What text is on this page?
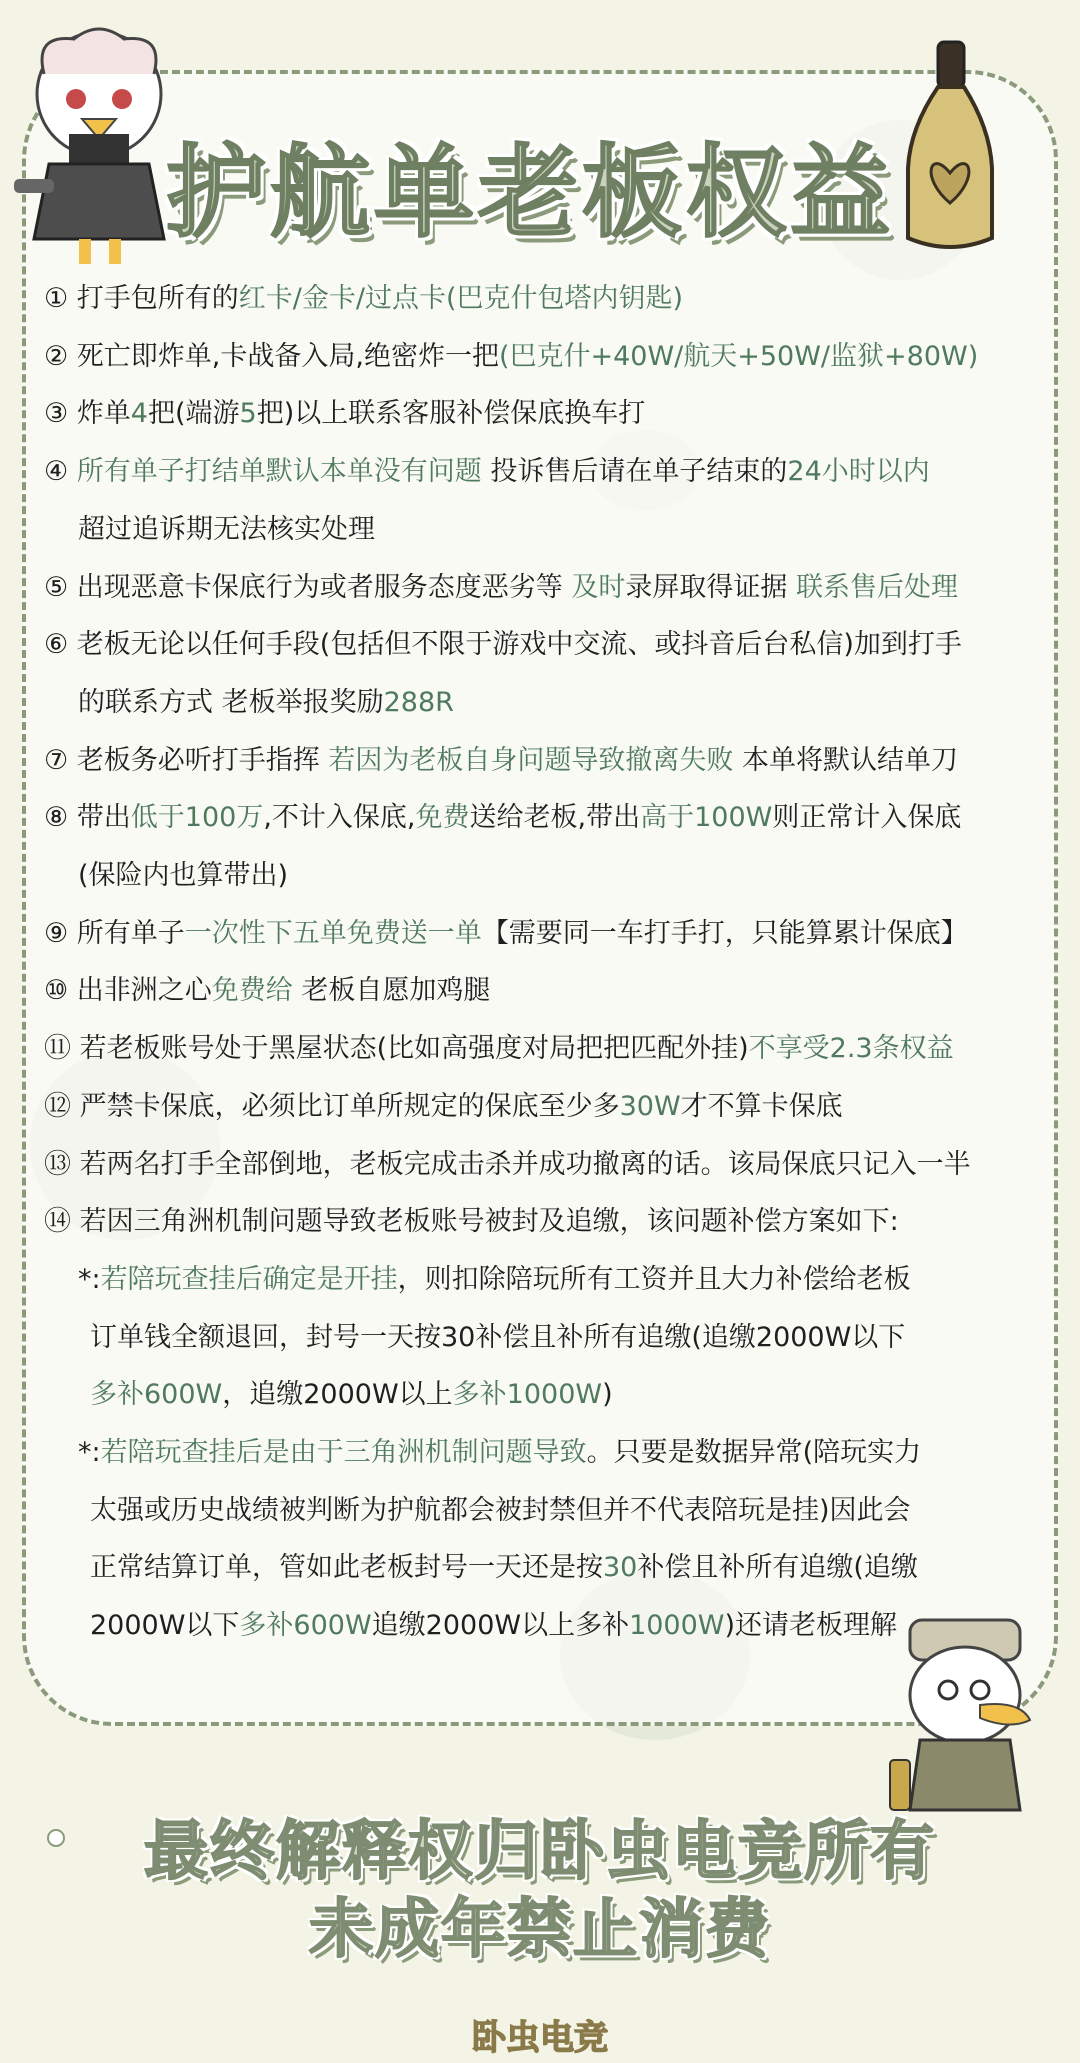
护航单老板权益
① 打手包所有的红卡/金卡/过点卡(巴克什包塔内钥匙)
② 死亡即炸单,卡战备入局,绝密炸一把(巴克什+40W/航天+50W/监狱+80W)
③ 炸单4把(端游5把)以上联系客服补偿保底换车打
④ 所有单子打结单默认本单没有问题 投诉售后请在单子结束的24小时以内
超过追诉期无法核实处理
⑤ 出现恶意卡保底行为或者服务态度恶劣等 及时录屏取得证据 联系售后处理
⑥ 老板无论以任何手段(包括但不限于游戏中交流、或抖音后台私信)加到打手
的联系方式 老板举报奖励288R
⑦ 老板务必听打手指挥 若因为老板自身问题导致撤离失败 本单将默认结单刀
⑧ 带出低于100万,不计入保底,免费送给老板,带出高于100W则正常计入保底
(保险内也算带出)
⑨ 所有单子一次性下五单免费送一单【需要同一车打手打，只能算累计保底】
⑩ 出非洲之心免费给 老板自愿加鸡腿
⑪ 若老板账号处于黑屋状态(比如高强度对局把把匹配外挂)不享受2.3条权益
⑫ 严禁卡保底，必须比订单所规定的保底至少多30W才不算卡保底
⑬ 若两名打手全部倒地，老板完成击杀并成功撤离的话。该局保底只记入一半
⑭ 若因三角洲机制问题导致老板账号被封及追缴，该问题补偿方案如下:
*:若陪玩查挂后确定是开挂，则扣除陪玩所有工资并且大力补偿给老板
订单钱全额退回，封号一天按30补偿且补所有追缴(追缴2000W以下
多补600W，追缴2000W以上多补1000W)
*:若陪玩查挂后是由于三角洲机制问题导致。只要是数据异常(陪玩实力
太强或历史战绩被判断为护航都会被封禁但并不代表陪玩是挂)因此会
正常结算订单，管如此老板封号一天还是按30补偿且补所有追缴(追缴
2000W以下多补600W追缴2000W以上多补1000W)还请老板理解
最终解释权归卧虫电竞所有
未成年禁止消费
卧虫电竞
